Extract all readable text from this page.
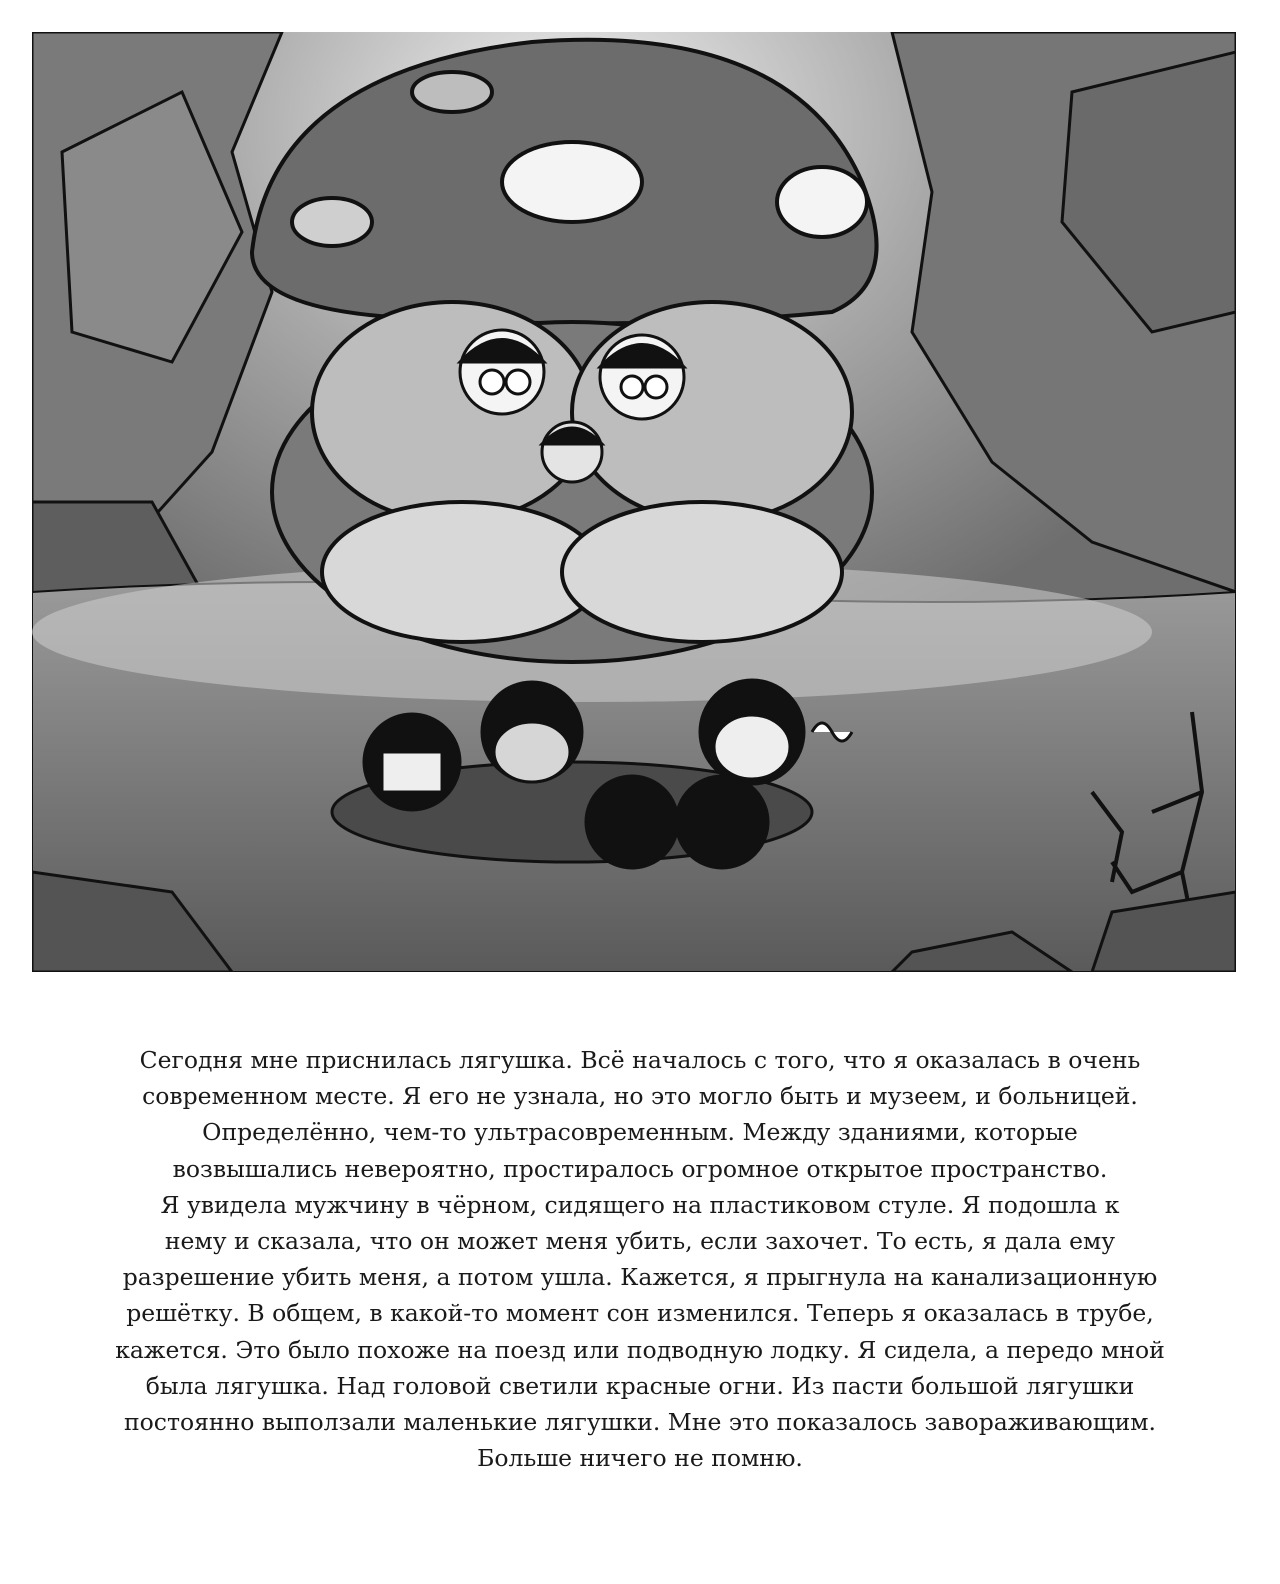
Сегодня мне приснилась лягушка. Всё началось с того, что я оказалась в очень
современном месте. Я его не узнала, но это могло быть и музеем, и больницей.
Определённо, чем-то ультрасовременным. Между зданиями, которые
возвышались невероятно, простиралось огромное открытое пространство.
Я увидела мужчину в чёрном, сидящего на пластиковом стуле. Я подошла к
нему и сказала, что он может меня убить, если захочет. То есть, я дала ему
разрешение убить меня, а потом ушла. Кажется, я прыгнула на канализационную
решётку. В общем, в какой-то момент сон изменился. Теперь я оказалась в трубе,
кажется. Это было похоже на поезд или подводную лодку. Я сидела, а передо мной
была лягушка. Над головой светили красные огни. Из пасти большой лягушки
постоянно выползали маленькие лягушки. Мне это показалось завораживающим.
Больше ничего не помню.
